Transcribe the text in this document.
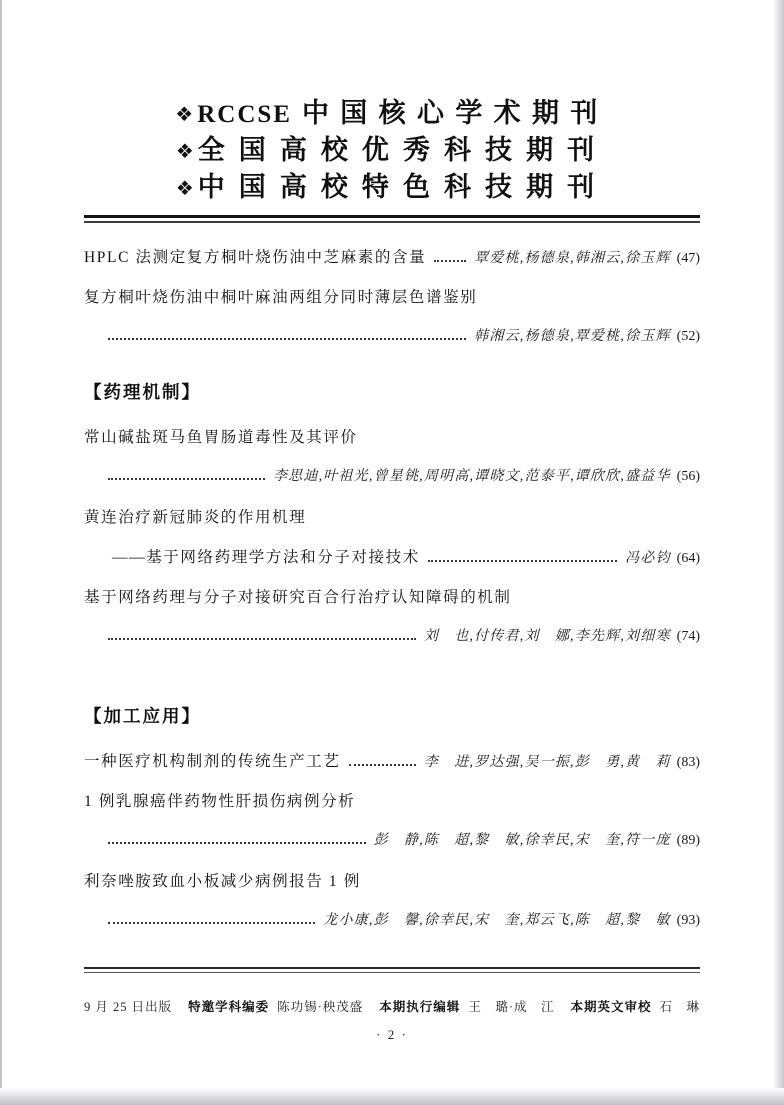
❖ RCCSE 中国核心学术期刊
❖ 全国高校优秀科技期刊
❖ 中国高校特色科技期刊
HPLC 法测定复方桐叶烧伤油中芝麻素的含量	覃爱桃,杨德泉,韩湘云,徐玉辉 (47)
复方桐叶烧伤油中桐叶麻油两组分同时薄层色谱鉴别
韩湘云,杨德泉,覃爱桃,徐玉辉 (52)
【药理机制】
常山碱盐斑马鱼胃肠道毒性及其评价
李思迪,叶祖光,曾星铫,周明高,谭晓文,范泰平,谭欣欣,盛益华 (56)
黄连治疗新冠肺炎的作用机理
——基于网络药理学方法和分子对接技术	冯必钧 (64)
基于网络药理与分子对接研究百合行治疗认知障碍的机制
刘　也,付传君,刘　娜,李先辉,刘细寒 (74)
【加工应用】
一种医疗机构制剂的传统生产工艺	李　进,罗达强,吴一振,彭　勇,黄　莉 (83)
1 例乳腺癌伴药物性肝损伤病例分析
彭　静,陈　超,黎　敏,徐幸民,宋　奎,符一庞 (89)
利奈唑胺致血小板减少病例报告 1 例
龙小康,彭　馨,徐幸民,宋　奎,郑云飞,陈　超,黎　敏 (93)
9 月 25 日出版 特邀学科编委 陈功锡·秧茂盛 本期执行编辑 王　璐·成　江 本期英文审校 石　琳
· 2 ·
